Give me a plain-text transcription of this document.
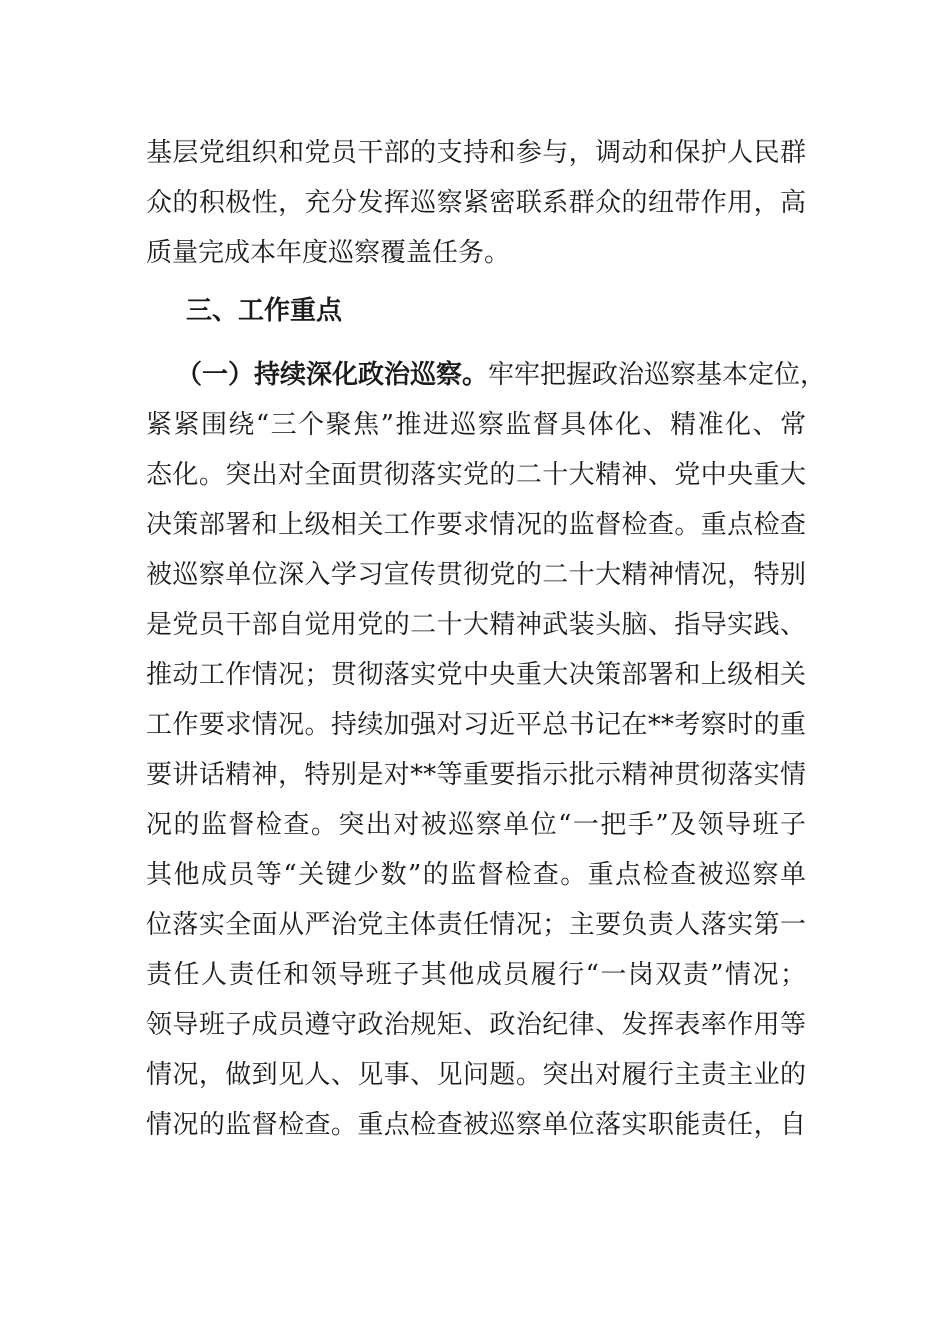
基层党组织和党员干部的支持和参与，调动和保护人民群
众的积极性，充分发挥巡察紧密联系群众的纽带作用，高
质量完成本年度巡察覆盖任务。
三、工作重点
（一）持续深化政治巡察。牢牢把握政治巡察基本定位，
紧紧围绕“三个聚焦”推进巡察监督具体化、精准化、常
态化。突出对全面贯彻落实党的二十大精神、党中央重大
决策部署和上级相关工作要求情况的监督检查。重点检查
被巡察单位深入学习宣传贯彻党的二十大精神情况，特别
是党员干部自觉用党的二十大精神武装头脑、指导实践、
推动工作情况；贯彻落实党中央重大决策部署和上级相关
工作要求情况。持续加强对习近平总书记在**考察时的重
要讲话精神，特别是对**等重要指示批示精神贯彻落实情
况的监督检查。突出对被巡察单位“一把手”及领导班子
其他成员等“关键少数”的监督检查。重点检查被巡察单
位落实全面从严治党主体责任情况；主要负责人落实第一
责任人责任和领导班子其他成员履行“一岗双责”情况；
领导班子成员遵守政治规矩、政治纪律、发挥表率作用等
情况，做到见人、见事、见问题。突出对履行主责主业的
情况的监督检查。重点检查被巡察单位落实职能责任，自
